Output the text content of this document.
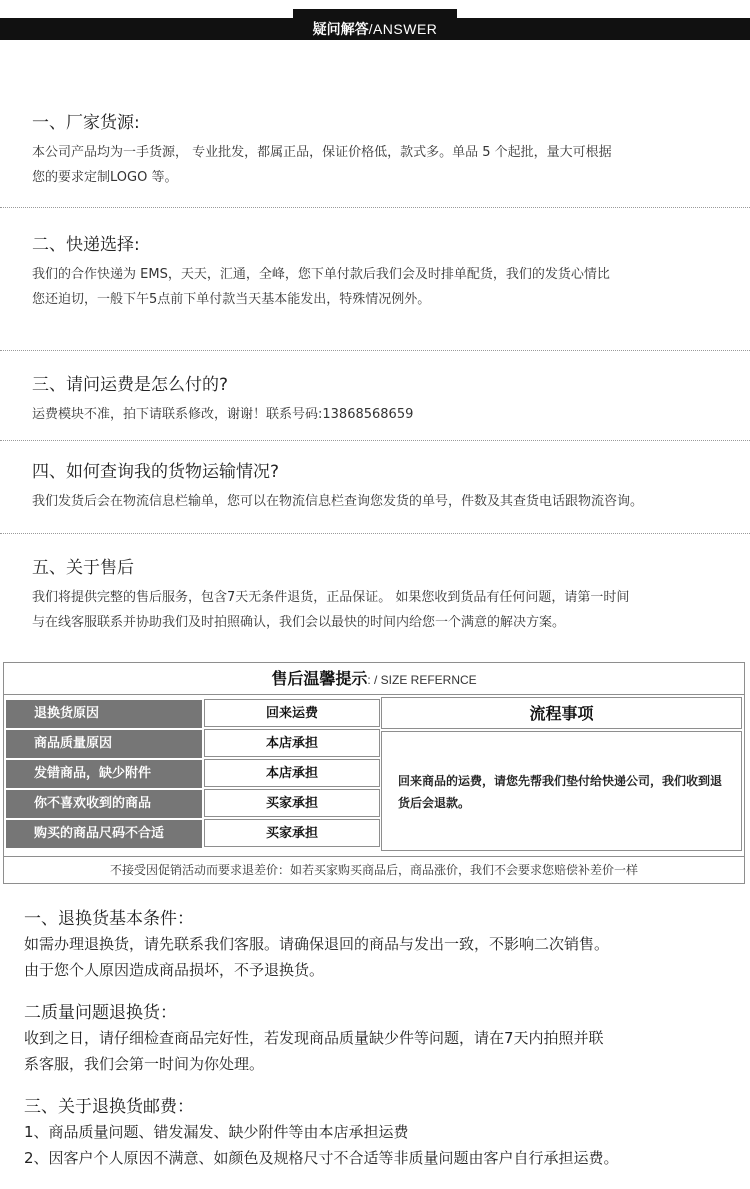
疑问解答/ANSWER
一、厂家货源:

本公司产品均为一手货源， 专业批发，都属正品，保证价格低，款式多。单品 5 个起批，量大可根据
您的要求定制LOGO 等。

二、快递选择:

我们的合作快递为 EMS，天天，汇通，全峰，您下单付款后我们会及时排单配货，我们的发货心情比
您还迫切，一般下午5点前下单付款当天基本能发出，特殊情况例外。

三、请问运费是怎么付的?

运费模块不准，拍下请联系修改，谢谢！联系号码:13868568659

四、如何查询我的货物运输情况?

我们发货后会在物流信息栏输单，您可以在物流信息栏查询您发货的单号，件数及其查货电话跟物流咨询。

五、关于售后

我们将提供完整的售后服务，包含7天无条件退货，正品保证。 如果您收到货品有任何问题，请第一时间
与在线客服联系并协助我们及时拍照确认，我们会以最快的时间内给您一个满意的解决方案。

售后温馨提示: / SIZE REFERNCE
退换货原因	回来运费
商品质量原因	本店承担
发错商品，缺少附件	本店承担
你不喜欢收到的商品	买家承担
购买的商品尺码不合适	买家承担
流程事项
回来商品的运费，请您先帮我们垫付给快递公司，我们收到退货后会退款。
不接受因促销活动而要求退差价：如若买家购买商品后，商品涨价，我们不会要求您赔偿补差价一样
一、退换货基本条件：

如需办理退换货，请先联系我们客服。请确保退回的商品与发出一致，不影响二次销售。
由于您个人原因造成商品损坏，不予退换货。

二质量问题退换货：

收到之日，请仔细检查商品完好性，若发现商品质量缺少件等问题，请在7天内拍照并联
系客服，我们会第一时间为你处理。

三、关于退换货邮费：

1、商品质量问题、错发漏发、缺少附件等由本店承担运费
2、因客户个人原因不满意、如颜色及规格尺寸不合适等非质量问题由客户自行承担运费。
